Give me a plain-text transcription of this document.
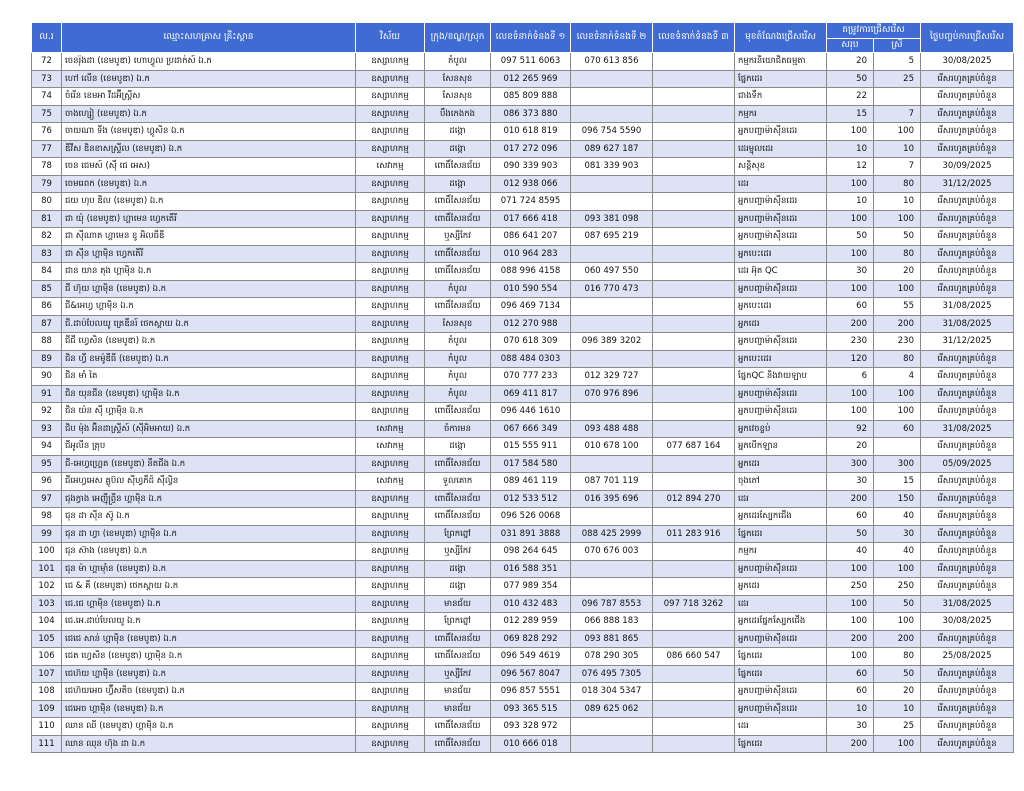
ល.រ	ឈ្មោះសហគ្រាស គ្រឹះស្ថាន	វិស័យ	ក្រុង/ខណ្ឌ/ស្រុក	លេខទំនាក់ទំនងទី ១	លេខទំនាក់ទំនងទី ២	លេខទំនាក់ទំនងទី ៣	មុខតំណែងជ្រើសរើស	តម្រូវការជ្រើសរើស		ថ្ងៃបញ្ចប់ការជ្រើសរើស
								សរុប	ស្រី	
72	ចេនរ៉ុងដា (ខេមបូឌា) ហោហ្វូល ប្រដាក់ស៍ ឯ.ក	ឧស្សាហកម្ម	កំបូល	097 511 6063	070 613 856		កម្មករនិយោជិតធម្មតា	20	5	30/08/2025
73	ហៅ លើន (ខេមបូឌា) ឯ.ក	ឧស្សាហកម្ម	សែនសុខ	012 265 969			ផ្នែកដេរ	50	25	រើសរហូតគ្រប់ចំនួន
74	ចំរើន ខេមអា វីដអ៊ីស្ត្រីស	ឧស្សាហកម្ម	សែនសុខ	085 809 888			ជាងទឹក	22		រើសរហូតគ្រប់ចំនួន
75	ចាងហ្សៀ (ខេមបូឌា) ឯ.ក	ឧស្សាហកម្ម	បឹងកេងកង	086 373 880			កម្មករ	15	7	រើសរហូតគ្រប់ចំនួន
76	ចាយណា ទីង (ខេមបូឌា) ហ្គូសិន ឯ.ក	ឧស្សាហកម្ម	ដង្កោ	010 618 819	096 754 5590		អ្នកបញ្ជាម៉ាស៊ីនដេរ	100	100	រើសរហូតគ្រប់ចំនួន
77	ឌីវីស ឌិនខាសស្ទ្រីល (ខេមបូឌា) ឯ.ក	ឧស្សាហកម្ម	ដង្កោ	017 272 096	089 627 187		ដេរម្ជុលដេរ	10	10	រើសរហូតគ្រប់ចំនួន
78	ចេន ជេមស៍ (ស៊ី ជេ អេស)	សេវាកម្ម	ពោធិ៍សែនជ័យ	090 339 903	081 339 903		សន្តិសុខ	12	7	30/09/2025
79	ចេមរេពក (ខេមបូឌា) ឯ.ក	ឧស្សាហកម្ម	ដង្កោ	012 938 066			ដេរ	100	80	31/12/2025
80	ជយ ហុប ឌិល (ខេមបូឌា) ឯ.ក	ឧស្សាហកម្ម	ពោធិ៍សែនជ័យ	071 724 8595			អ្នកបញ្ជាម៉ាស៊ីនដេរ	10	10	រើសរហូតគ្រប់ចំនួន
81	ជា យ៉ុ (ខេមបូឌា) ហ្គាមេន ហ្វេកតើរី	ឧស្សាហកម្ម	ពោធិ៍សែនជ័យ	017 666 418	093 381 098		អ្នកបញ្ជាម៉ាស៊ីនដេរ	100	100	រើសរហូតគ្រប់ចំនួន
82	ជា ស៊ីណាត ហ្គាមេន ខូ អិលធីឌី	ឧស្សាហកម្ម	ឬស្សីកែវ	086 641 207	087 695 219		អ្នកបញ្ជាម៉ាស៊ីនដេរ	50	50	រើសរហូតគ្រប់ចំនួន
83	ជា ស៊ីន ហ្គាម៉ិន ហ្វេកតើរី	ឧស្សាហកម្ម	ពោធិ៍សែនជ័យ	010 964 283			អ្នកបេះដេរ	100	80	រើសរហូតគ្រប់ចំនួន
84	ជាន យាន តុង ហ្គាម៉ិន ឯ.ក	ឧស្សាហកម្ម	ពោធិ៍សែនជ័យ	088 996 4158	060 497 550		ដេរ អ៊ុត QC	30	20	រើសរហូតគ្រប់ចំនួន
85	ជី ហ៊ុយ ហ្គាម៉ិន (ខេមបូឌា) ឯ.ក	ឧស្សាហកម្ម	កំបូល	010 590 554	016 770 473		អ្នកបញ្ជាម៉ាស៊ីនដេរ	100	100	រើសរហូតគ្រប់ចំនួន
86	ជី&អេហ្វ ហ្គាម៉ិន ឯ.ក	ឧស្សាហកម្ម	ពោធិ៍សែនជ័យ	096 469 7134			អ្នកបេះដេរ	60	55	31/08/2025
87	ជី.ដាប់បែលយូ ត្រេឌីនរ៍ ថេកស្តាយ ឯ.ក	ឧស្សាហកម្ម	សែនសុខ	012 270 988			អ្នកដេរ	200	200	31/08/2025
88	ជីជី ហ្វេសិន (ខេមបូឌា) ឯ.ក	ឧស្សាហកម្ម	កំបូល	070 618 309	096 389 3202		អ្នកបញ្ជាម៉ាស៊ីនដេរ	230	230	31/12/2025
89	ជិន ហ្វី ខមម៉ូឌីធី (ខេមបូឌា) ឯ.ក	ឧស្សាហកម្ម	កំបូល	088 484 0303			អ្នកបេះដេរ	120	80	រើសរហូតគ្រប់ចំនួន
90	ជិន មាំ តៃ	ឧស្សាហកម្ម	កំបូល	070 777 233	012 329 727		ផ្នែកQC និងវាយឡាប	6	4	រើសរហូតគ្រប់ចំនួន
91	ជិន យុនជីន (ខេមបូឌា) ហ្គាម៉ិន ឯ.ក	ឧស្សាហកម្ម	កំបូល	069 411 817	070 976 896		អ្នកបញ្ជាម៉ាស៊ីនដេរ	100	100	រើសរហូតគ្រប់ចំនួន
92	ជិន យ៉ន ស៊ី ហ្គាម៉ិន ឯ.ក	ឧស្សាហកម្ម	ពោធិ៍សែនជ័យ	096 446 1610			អ្នកបញ្ជាម៉ាស៊ីនដេរ	100	100	រើសរហូតគ្រប់ចំនួន
93	ជិប ម៉ុង អ៊ិនដាស្ទ្រីស៍ (ស៊ីអិមអាយ) ឯ.ក	សេវាកម្ម	ចំការមន	067 666 349	093 488 488		អ្នកវេចខ្ចប់	92	60	31/08/2025
94	ជីអូលីន ត្រុប	សេវាកម្ម	ដង្កោ	015 555 911	010 678 100	077 687 164	អ្នកបើកឡាន	20		រើសរហូតគ្រប់ចំនួន
95	ជី-អេហ្វហ្គ្រេត (ខេមបូឌា) នីតជីង ឯ.ក	ឧស្សាហកម្ម	ពោធិ៍សែនជ័យ	017 584 580			អ្នកដេរ	300	300	05/09/2025
96	ជីអេហ្វអេស គ្លូប៊ល ស៊ីហ្វភឺដ៍ ស៊ីល្វិន	សេវាកម្ម	ទួលគោក	089 461 119	087 701 119		ចុងភៅ	30	15	រើសរហូតគ្រប់ចំនួន
97	ជុងក្វាង អេញ៉ីព្រ្ញីន ហ្គាម៉ិន ឯ.ក	ឧស្សាហកម្ម	ពោធិ៍សែនជ័យ	012 533 512	016 395 696	012 894 270	ដេរ	200	150	រើសរហូតគ្រប់ចំនួន
98	ជុន ដា ស៊ីន ស៊ូ ឯ.ក	ឧស្សាហកម្ម	ពោធិ៍សែនជ័យ	096 526 0068			អ្នកដេរស្បែកជើង	60	40	រើសរហូតគ្រប់ចំនួន
99	ជុន ដា ហ្វា (ខេមបូឌា) ហ្គាម៉ិន ឯ.ក	ឧស្សាហកម្ម	ព្រែកព្នៅ	031 891 3888	088 425 2999	011 283 916	ផ្នែកដេរ	50	30	រើសរហូតគ្រប់ចំនួន
100	ជុន ស៊ាង (ខេមបូឌា) ឯ.ក	ឧស្សាហកម្ម	ឬស្សីកែវ	098 264 645	070 676 003		កម្មករ	40	40	រើសរហូតគ្រប់ចំនួន
101	ជុន ម៉ា ហ្គាម៉ាំន (ខេមបូឌា) ឯ.ក	ឧស្សាហកម្ម	ដង្កោ	016 588 351			អ្នកបញ្ជាម៉ាស៊ីនដេរ	100	100	រើសរហូតគ្រប់ចំនួន
102	ជេ & គី (ខេមបូឌា) ថេកស្តាយ ឯ.ក	ឧស្សាហកម្ម	ដង្កោ	077 989 354			អ្នកដេរ	250	250	រើសរហូតគ្រប់ចំនួន
103	ជេ.ជេ ហ្គាម៉ិន (ខេមបូឌា) ឯ.ក	ឧស្សាហកម្ម	មានជ័យ	010 432 483	096 787 8553	097 718 3262	ដេរ	100	50	31/08/2025
104	ជេ.អេ.ដាប់បែលយូ ឯ.ក	ឧស្សាហកម្ម	ព្រែកព្នៅ	012 289 959	066 888 183		អ្នកដេរផ្នែកស្បែកជើង	100	100	30/08/2025
105	ជេជេ សាន់ ហ្គាម៉ិន (ខេមបូឌា) ឯ.ក	ឧស្សាហកម្ម	ពោធិ៍សែនជ័យ	069 828 292	093 881 865		អ្នកបញ្ជាម៉ាស៊ីនដេរ	200	200	រើសរហូតគ្រប់ចំនួន
106	ជេត ហ្វេសិន (ខេមបូឌា) ហ្គាម៉ិន ឯ.ក	ឧស្សាហកម្ម	ពោធិ៍សែនជ័យ	096 549 4619	078 290 305	086 660 547	ផ្នែកដេរ	100	80	25/08/2025
107	ជេហ៊យ ហ្គាម៉ិន (ខេមបូឌា) ឯ.ក	ឧស្សាហកម្ម	ឬស្សីកែវ	096 567 8047	076 495 7305		ផ្នែកដេរ	60	50	រើសរហូតគ្រប់ចំនួន
108	ជេហ៊យអេច ហ្វ៊ីសតិច (ខេមបូឌា) ឯ.ក	ឧស្សាហកម្ម	មានជ័យ	096 857 5551	018 304 5347		អ្នកបញ្ជាម៉ាស៊ីនដេរ	60	20	រើសរហូតគ្រប់ចំនួន
109	ជេអេច ហ្គាម៉ិន (ខេមបូឌា) ឯ.ក	ឧស្សាហកម្ម	មានជ័យ	093 365 515	089 625 062		អ្នកបញ្ជាម៉ាស៊ីនដេរ	10	10	រើសរហូតគ្រប់ចំនួន
110	ឈាន ឈី (ខេមបូឌា) ហ្គាម៉ិន ឯ.ក	ឧស្សាហកម្ម	ពោធិ៍សែនជ័យ	093 328 972			ដេរ	30	25	រើសរហូតគ្រប់ចំនួន
111	ឈាន ឈុន ហ៊ុង ដា ឯ.ក	ឧស្សាហកម្ម	ពោធិ៍សែនជ័យ	010 666 018			ផ្នែកដេរ	200	100	រើសរហូតគ្រប់ចំនួន
